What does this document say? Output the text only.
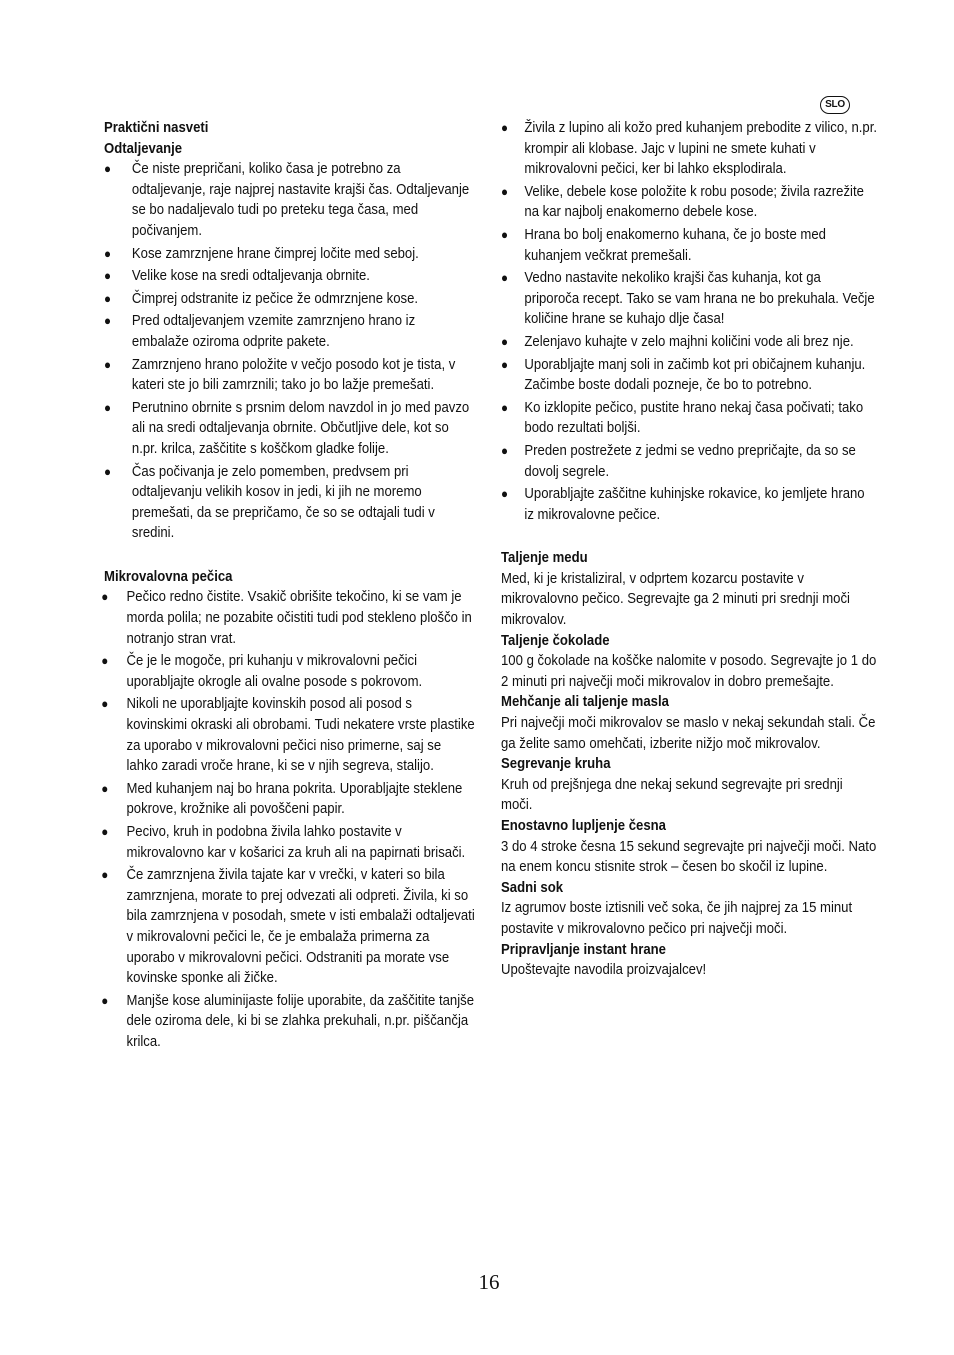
SLO
Praktični nasveti
Odtaljevanje
● Če niste prepričani, koliko časa je potrebno za odtaljevanje, raje najprej nastavite krajši čas. Odtaljevanje se bo nadaljevalo tudi po preteku tega časa, med počivanjem.
● Kose zamrznjene hrane čimprej ločite med seboj.
● Velike kose na sredi odtaljevanja obrnite.
● Čimprej odstranite iz pečice že odmrznjene kose.
● Pred odtaljevanjem vzemite zamrznjeno hrano iz embalaže oziroma odprite pakete.
● Zamrznjeno hrano položite v večjo posodo kot je tista, v kateri ste jo bili zamrznili; tako jo bo lažje premešati.
● Perutnino obrnite s prsnim delom navzdol in jo med pavzo ali na sredi odtaljevanja obrnite. Občutljive dele, kot so n.pr. krilca, zaščitite s koščkom gladke folije.
● Čas počivanja je zelo pomemben, predvsem pri odtaljevanju velikih kosov in jedi, ki jih ne moremo premešati, da se prepričamo, če so se odtajali tudi v sredini.
Mikrovalovna pečica
● Pečico redno čistite. Vsakič obrišite tekočino, ki se vam je morda polila; ne pozabite očistiti tudi pod stekleno ploščo in notranjo stran vrat.
● Če je le mogoče, pri kuhanju v mikrovalovni pečici uporabljajte okrogle ali ovalne posode s pokrovom.
● Nikoli ne uporabljajte kovinskih posod ali posod s kovinskimi okraski ali obrobami. Tudi nekatere vrste plastike za uporabo v mikrovalovni pečici niso primerne, saj se lahko zaradi vroče hrane, ki se v njih segreva, stalijo.
● Med kuhanjem naj bo hrana pokrita. Uporabljajte steklene pokrove, krožnike ali povoščeni papir.
● Pecivo, kruh in podobna živila lahko postavite v mikrovalovno kar v košarici za kruh ali na papirnati brisači.
● Če zamrznjena živila tajate kar v vrečki, v kateri so bila zamrznjena, morate to prej odvezati ali odpreti. Živila, ki so bila zamrznjena v posodah, smete v isti embalaži odtaljevati v mikrovalovni pečici le, če je embalaža primerna za uporabo v mikrovalovni pečici. Odstraniti pa morate vse kovinske sponke ali žičke.
● Manjše kose aluminijaste folije uporabite, da zaščitite tanjše dele oziroma dele, ki bi se zlahka prekuhali, n.pr. piščančja krilca.
● Živila z lupino ali kožo pred kuhanjem prebodite z vilico, n.pr. krompir ali klobase. Jajc v lupini ne smete kuhati v mikrovalovni pečici, ker bi lahko eksplodirala.
● Velike, debele kose položite k robu posode; živila razrežite na kar najbolj enakomerno debele kose.
● Hrana bo bolj enakomerno kuhana, če jo boste med kuhanjem večkrat premešali.
● Vedno nastavite nekoliko krajši čas kuhanja, kot ga priporoča recept. Tako se vam hrana ne bo prekuhala. Večje količine hrane se kuhajo dlje časa!
● Zelenjavo kuhajte v zelo majhni količini vode ali brez nje.
● Uporabljajte manj soli in začimb kot pri običajnem kuhanju. Začimbe boste dodali pozneje, če bo to potrebno.
● Ko izklopite pečico, pustite hrano nekaj časa počivati; tako bodo rezultati boljši.
● Preden postrežete z jedmi se vedno prepričajte, da so se dovolj segrele.
● Uporabljajte zaščitne kuhinjske rokavice, ko jemljete hrano iz mikrovalovne pečice.
Taljenje medu

Med, ki je kristaliziral, v odprtem kozarcu postavite v mikrovalovno pečico. Segrevajte ga 2 minuti pri srednji moči mikrovalov.

Taljenje čokolade

100 g čokolade na koščke nalomite v posodo. Segrevajte jo 1 do 2 minuti pri največji moči mikrovalov in dobro premešajte.

Mehčanje ali taljenje masla

Pri največji moči mikrovalov se maslo v nekaj sekundah stali. Če ga želite samo omehčati, izberite nižjo moč mikrovalov.

Segrevanje kruha

Kruh od prejšnjega dne nekaj sekund segrevajte pri srednji moči.

Enostavno lupljenje česna

3 do 4 stroke česna 15 sekund segrevajte pri največji moči. Nato na enem koncu stisnite strok – česen bo skočil iz lupine.

Sadni sok

Iz agrumov boste iztisnili več soka, če jih najprej za 15 minut postavite v mikrovalovno pečico pri največji moči.

Pripravljanje instant hrane

Upoštevajte navodila proizvajalcev!

16
